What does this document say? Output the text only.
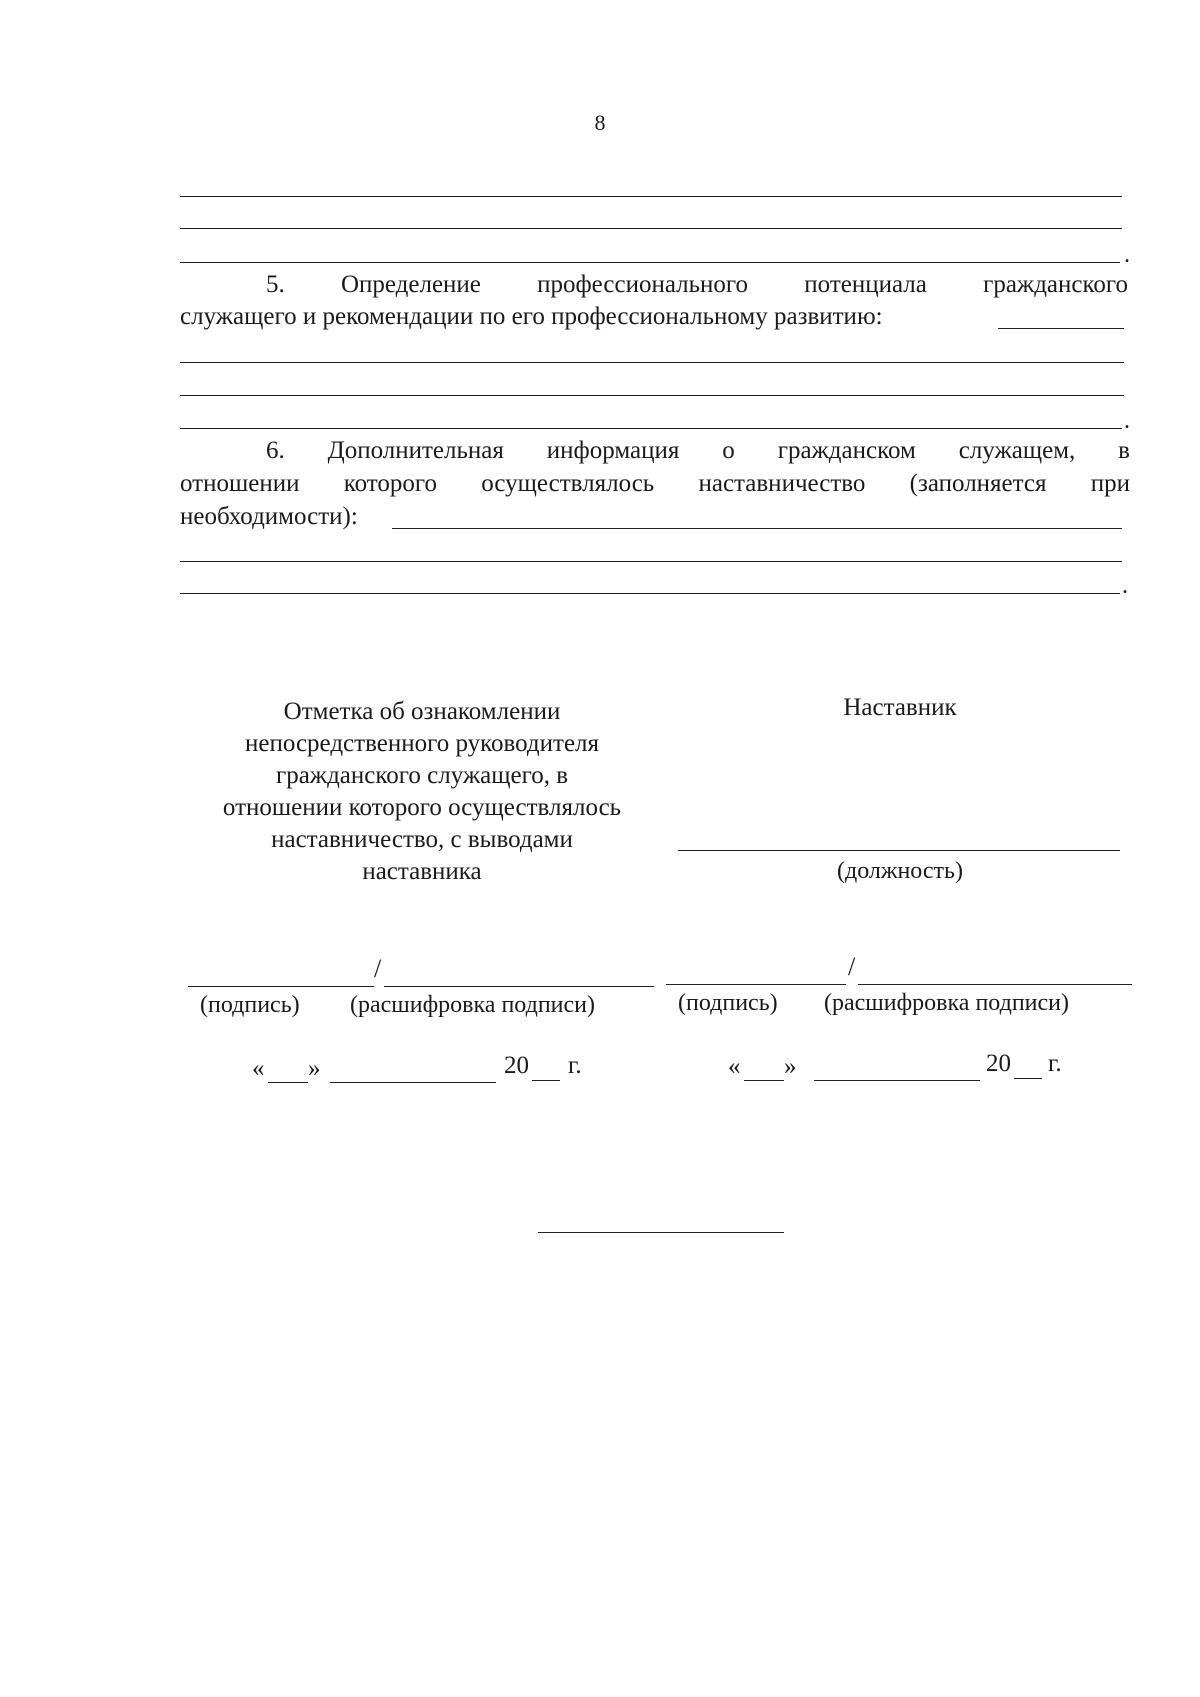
8
.
5. Определение профессионального потенциала гражданского
служащего и рекомендации по его профессиональному развитию:
.
6. Дополнительная информация о гражданском служащем, в
отношении которого осуществлялось наставничество (заполняется при
необходимости):
.
Отметка об ознакомлении
непосредственного руководителя
гражданского служащего, в
отношении которого осуществлялось
наставничество, с выводами
наставника
Наставник
(должность)
/
(подпись) (расшифровка подписи)
/
(подпись) (расшифровка подписи)
« »	20 г.	« »	20 г.
